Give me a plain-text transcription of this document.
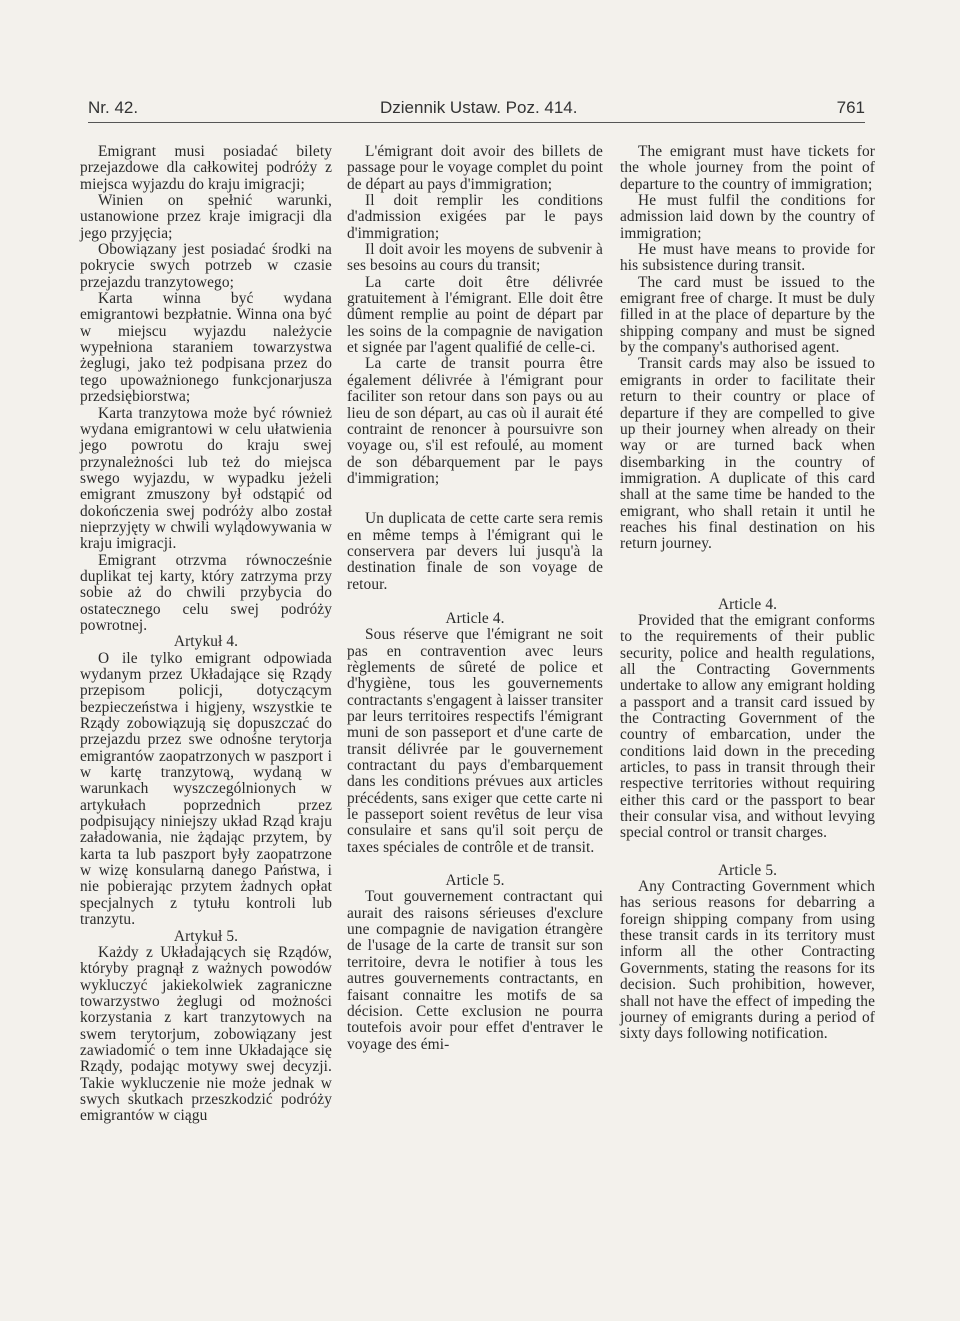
Nr. 42.	Dziennik Ustaw. Poz. 414.	761

Emigrant musi posiadać bilety przejazdowe dla całkowitej podróży z miejsca wyjazdu do kraju imigracji;

Winien on spełnić warunki, ustanowione przez kraje imigracji dla jego przyjęcia;

Obowiązany jest posiadać środki na pokrycie swych potrzeb w czasie przejazdu tranzytowego;

Karta winna być wydana emigrantowi bezpłatnie. Winna ona być w miejscu wyjazdu należycie wypełniona staraniem towarzystwa żeglugi, jako też podpisana przez do tego upoważnionego funkcjonarjusza przedsiębiorstwa;

Karta tranzytowa może być również wydana emigrantowi w celu ułatwienia jego powrotu do kraju swej przynależności lub też do miejsca swego wyjazdu, w wypadku jeżeli emigrant zmuszony był odstąpić od dokończenia swej podróży albo został nieprzyjęty w chwili wylądowywania w kraju imigracji.

Emigrant otrzvma równocześnie duplikat tej karty, który zatrzyma przy sobie aż do chwili przybycia do ostatecznego celu swej podróży powrotnej.

Artykuł 4.

O ile tylko emigrant odpowiada wydanym przez Układające się Rządy przepisom policji, dotyczącym bezpieczeństwa i higjeny, wszystkie te Rządy zobowiązują się dopuszczać do przejazdu przez swe odnośne terytorja emigrantów zaopatrzonych w paszport i w kartę tranzytową, wydaną w warunkach wyszczególnionych w artykułach poprzednich przez podpisujący niniejszy układ Rząd kraju załadowania, nie żądając przytem, by karta ta lub paszport były zaopatrzone w wizę konsularną danego Państwa, i nie pobierając przytem żadnych opłat specjalnych z tytułu kontroli lub tranzytu.

Artykuł 5.

Każdy z Układających się Rządów, któryby pragnął z ważnych powodów wykluczyć jakiekolwiek zagraniczne towarzystwo żeglugi od możności korzystania z kart tranzytowych na swem terytorjum, zobowiązany jest zawiadomić o tem inne Układające się Rządy, podając motywy swej decyzji. Takie wykluczenie nie może jednak w swych skutkach przeszkodzić podróży emigrantów w ciągu

L'émigrant doit avoir des billets de passage pour le voyage complet du point de départ au pays d'immigration;

Il doit remplir les conditions d'admission exigées par le pays d'immigration;

Il doit avoir les moyens de subvenir à ses besoins au cours du transit;

La carte doit être délivrée gratuitement à l'émigrant. Elle doit être dûment remplie au point de départ par les soins de la compagnie de navigation et signée par l'agent qualifié de celle-ci.

La carte de transit pourra être également délivrée à l'émigrant pour faciliter son retour dans son pays ou au lieu de son départ, au cas où il aurait été contraint de renoncer à poursuivre son voyage ou, s'il est refoulé, au moment de son débarquement par le pays d'immigration;

Un duplicata de cette carte sera remis en même temps à l'émigrant qui le conservera par devers lui jusqu'à la destination finale de son voyage de retour.

Article 4.

Sous réserve que l'émigrant ne soit pas en contravention avec leurs règlements de sûreté de police et d'hygiène, tous les gouvernements contractants s'engagent à laisser transiter par leurs territoires respectifs l'émigrant muni de son passeport et d'une carte de transit délivrée par le gouvernement contractant du pays d'embarquement dans les conditions prévues aux articles précédents, sans exiger que cette carte ni le passeport soient revêtus de leur visa consulaire et sans qu'il soit perçu de taxes spéciales de contrôle et de transit.

Article 5.

Tout gouvernement contractant qui aurait des raisons sérieuses d'exclure une compagnie de navigation étrangère de l'usage de la carte de transit sur son territoire, devra le notifier à tous les autres gouvernements contractants, en faisant connaitre les motifs de sa décision. Cette exclusion ne pourra toutefois avoir pour effet d'entraver le voyage des émi-

The emigrant must have tickets for the whole journey from the point of departure to the country of immigration;

He must fulfil the conditions for admission laid down by the country of immigration;

He must have means to provide for his subsistence during transit.

The card must be issued to the emigrant free of charge. It must be duly filled in at the place of departure by the shipping company and must be signed by the company's authorised agent.

Transit cards may also be issued to emigrants in order to facilitate their return to their country or place of departure if they are compelled to give up their journey when already on their way or are turned back when disembarking in the country of immigration. A duplicate of this card shall at the same time be handed to the emigrant, who shall retain it until he reaches his final destination on his return journey.

Article 4.

Provided that the emigrant conforms to the requirements of their public security, police and health regulations, all the Contracting Governments undertake to allow any emigrant holding a passport and a transit card issued by the Contracting Government of the country of embarcation, under the conditions laid down in the preceding articles, to pass in transit through their respective territories without requiring either this card or the passport to bear their consular visa, and without levying special control or transit charges.

Article 5.

Any Contracting Government which has serious reasons for debarring a foreign shipping company from using these transit cards in its territory must inform all the other Contracting Governments, stating the reasons for its decision. Such prohibition, however, shall not have the effect of impeding the journey of emigrants during a period of sixty days following notification.
